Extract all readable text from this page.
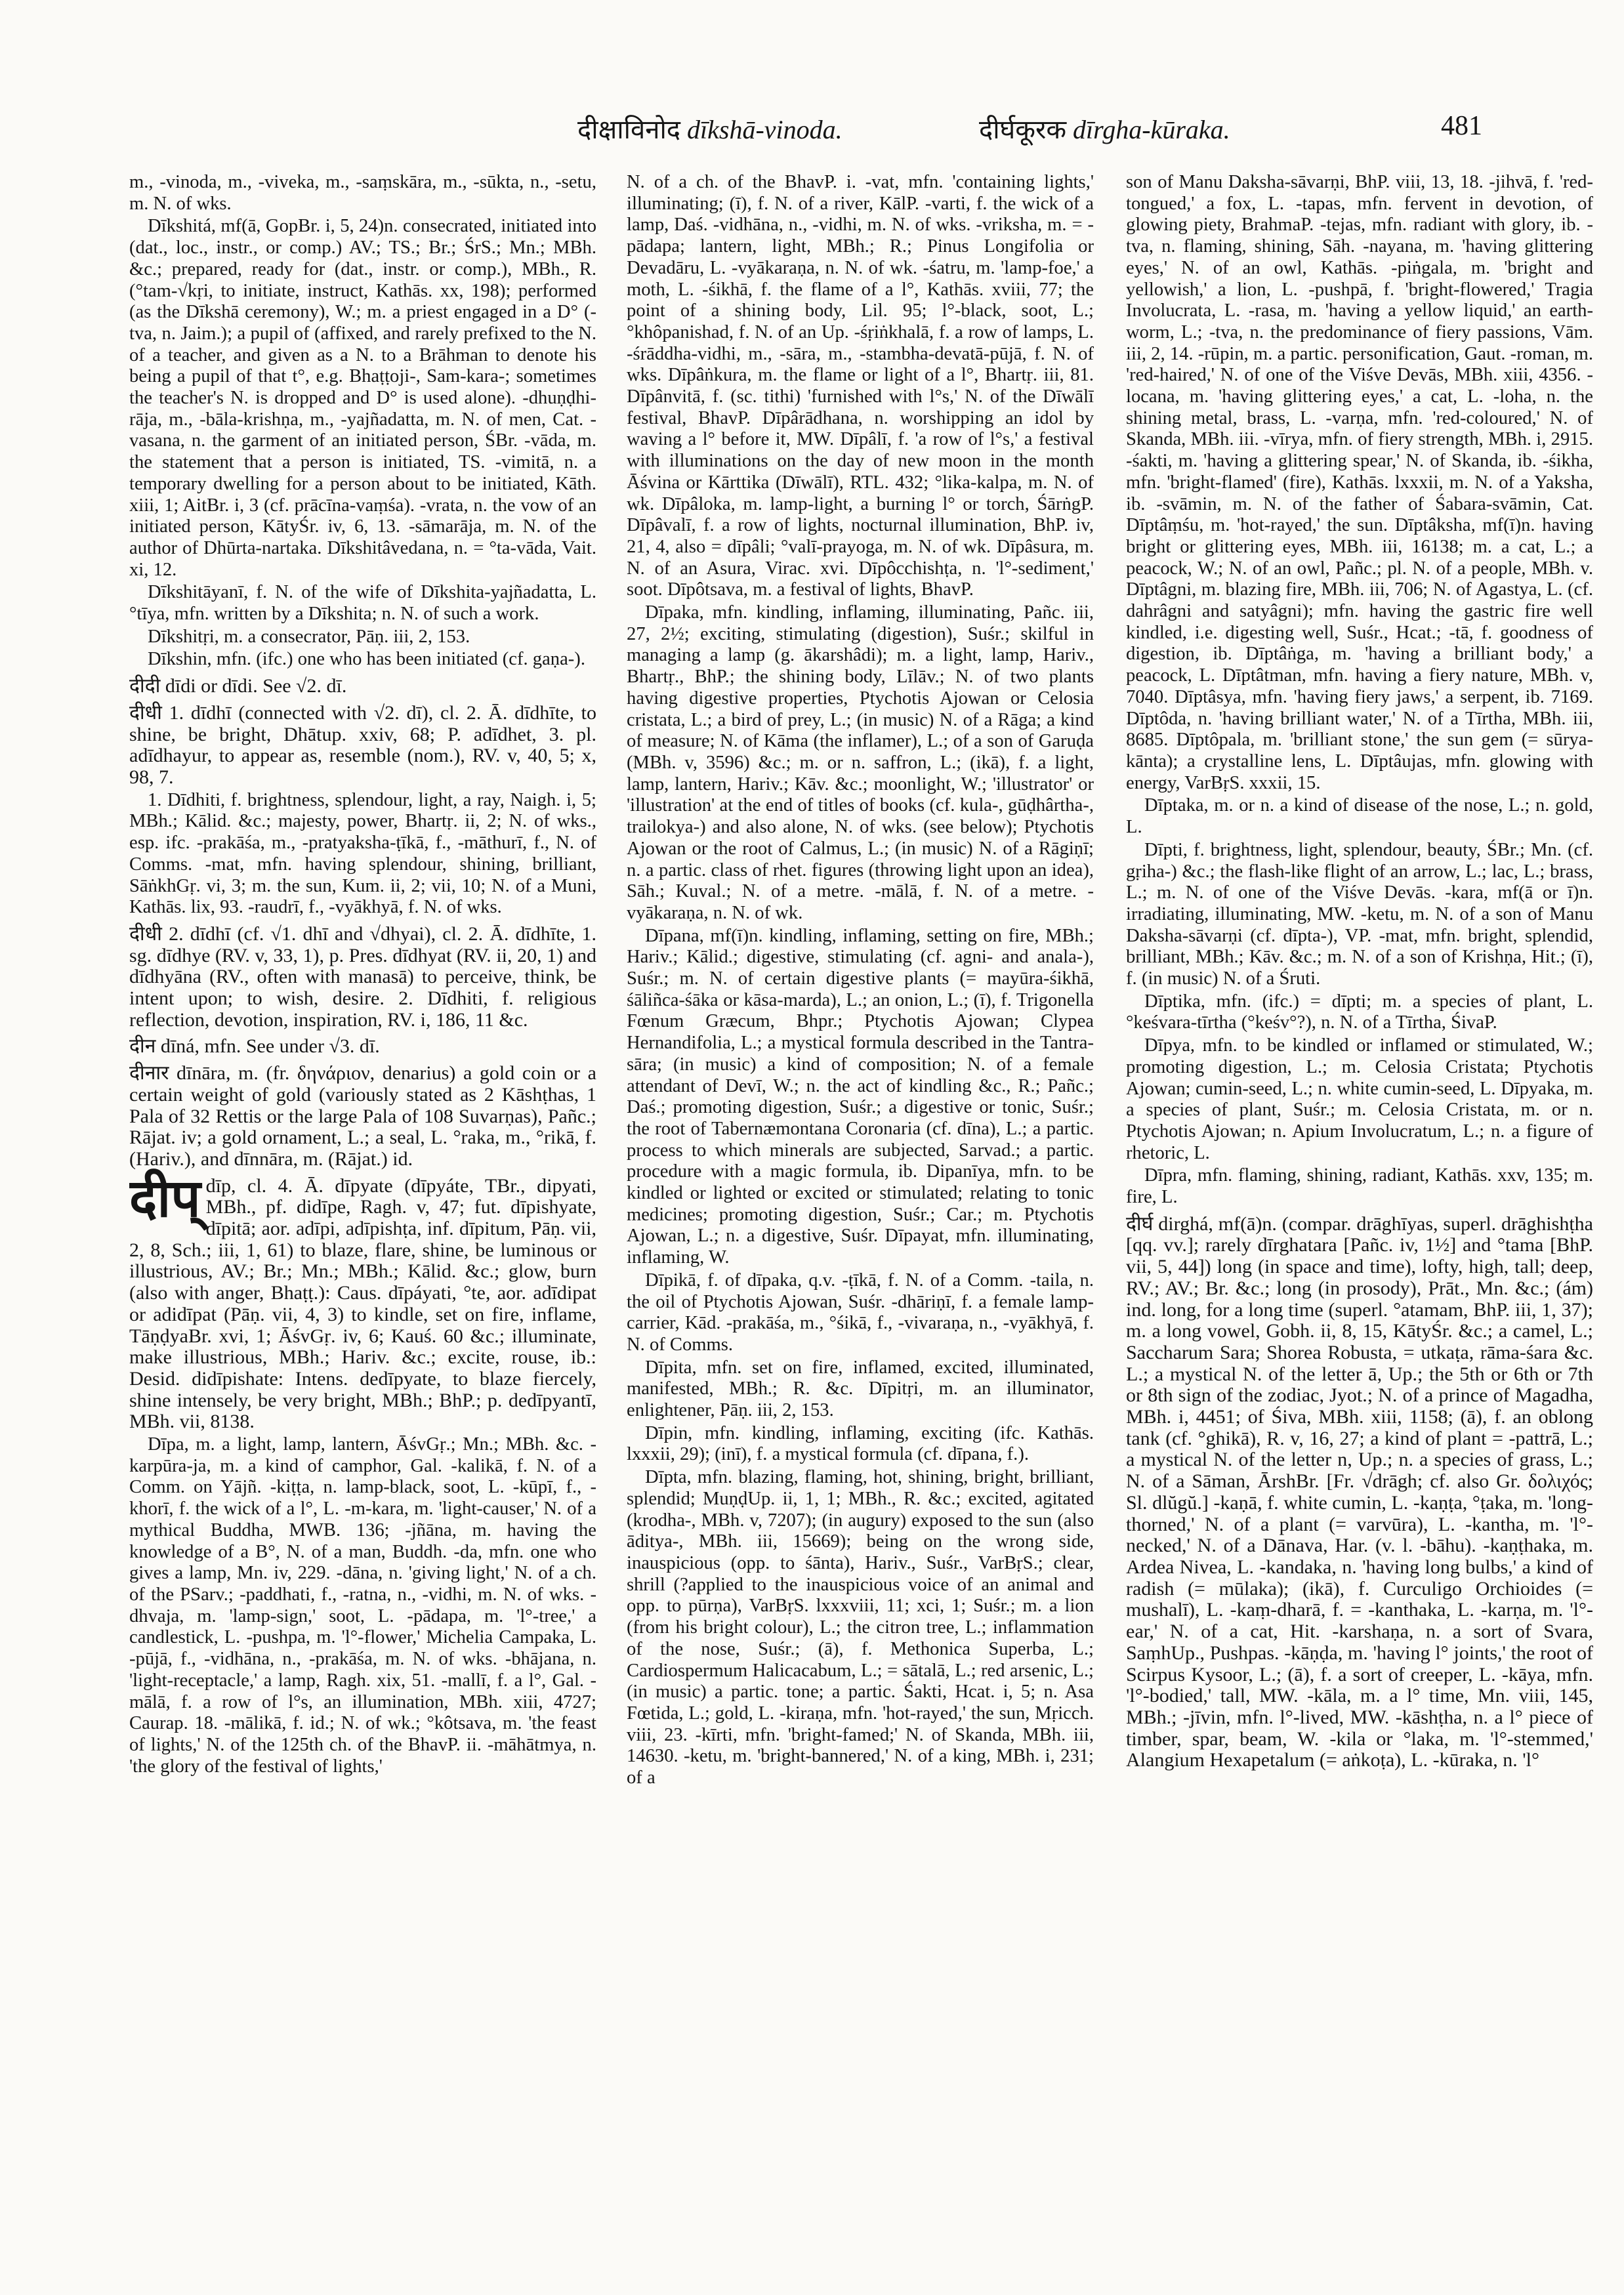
दीक्षाविनोद dīkshā-vinoda.	दीर्घकूरक dīrgha-kūraka.	481

m., -vinoda, m., -viveka, m., -saṃskāra, m., -sūkta, n., -setu, m. N. of wks.

Dīkshitá, mf(ā, GopBr. i, 5, 24)n. consecrated, initiated into (dat., loc., instr., or comp.) AV.; TS.; Br.; ŚrS.; Mn.; MBh. &c.; prepared, ready for (dat., instr. or comp.), MBh., R. (°tam-√kṛi, to initiate, instruct, Kathās. xx, 198); performed (as the Dīkshā ceremony), W.; m. a priest engaged in a D° (-tva, n. Jaim.); a pupil of (affixed, and rarely prefixed to the N. of a teacher, and given as a N. to a Brāhman to denote his being a pupil of that t°, e.g. Bhaṭṭoji-, Sam-kara-; sometimes the teacher's N. is dropped and D° is used alone). -dhuṇḍhi-rāja, m., -bāla-krishṇa, m., -yajñadatta, m. N. of men, Cat. -vasana, n. the garment of an initiated person, ŚBr. -vāda, m. the statement that a person is initiated, TS. -vimitā, n. a temporary dwelling for a person about to be initiated, Kāth. xiii, 1; AitBr. i, 3 (cf. prācīna-vaṃśa). -vrata, n. the vow of an initiated person, KātyŚr. iv, 6, 13. -sāmarāja, m. N. of the author of Dhūrta-nartaka. Dīkshitâvedana, n. = °ta-vāda, Vait. xi, 12.

Dīkshitāyanī, f. N. of the wife of Dīkshita-yajñadatta, L. °tīya, mfn. written by a Dīkshita; n. N. of such a work.

Dīkshitṛi, m. a consecrator, Pāṇ. iii, 2, 153.

Dīkshin, mfn. (ifc.) one who has been initiated (cf. gaṇa-).

दीदी dīdi or dīdi. See √2. dī.

दीधी 1. dīdhī (connected with √2. dī), cl. 2. Ā. dīdhīte, to shine, be bright, Dhātup. xxiv, 68; P. adīdhet, 3. pl. adīdhayur, to appear as, resemble (nom.), RV. v, 40, 5; x, 98, 7.

1. Dīdhiti, f. brightness, splendour, light, a ray, Naigh. i, 5; MBh.; Kālid. &c.; majesty, power, Bhartṛ. ii, 2; N. of wks., esp. ifc. -prakāśa, m., -pratyaksha-ṭīkā, f., -māthurī, f., N. of Comms. -mat, mfn. having splendour, shining, brilliant, SāṅkhGṛ. vi, 3; m. the sun, Kum. ii, 2; vii, 10; N. of a Muni, Kathās. lix, 93. -raudrī, f., -vyākhyā, f. N. of wks.

दीधी 2. dīdhī (cf. √1. dhī and √dhyai), cl. 2. Ā. dīdhīte, 1. sg. dīdhye (RV. v, 33, 1), p. Pres. dīdhyat (RV. ii, 20, 1) and dīdhyāna (RV., often with manasā) to perceive, think, be intent upon; to wish, desire. 2. Dīdhiti, f. religious reflection, devotion, inspiration, RV. i, 186, 11 &c.

दीन dīná, mfn. See under √3. dī.

दीनार dīnāra, m. (fr. δηνάριον, denarius) a gold coin or a certain weight of gold (variously stated as 2 Kāshṭhas, 1 Pala of 32 Rettis or the large Pala of 108 Suvarṇas), Pañc.; Rājat. iv; a gold ornament, L.; a seal, L. °raka, m., °rikā, f. (Hariv.), and dīnnāra, m. (Rājat.) id.

दीप् dīp, cl. 4. Ā. dīpyate (dīpyáte, TBr., dipyati, MBh., pf. didīpe, Ragh. v, 47; fut. dīpishyate, dīpitā; aor. adīpi, adīpishṭa, inf. dīpitum, Pāṇ. vii, 2, 8, Sch.; iii, 1, 61) to blaze, flare, shine, be luminous or illustrious, AV.; Br.; Mn.; MBh.; Kālid. &c.; glow, burn (also with anger, Bhaṭṭ.): Caus. dīpáyati, °te, aor. adīdipat or adidīpat (Pāṇ. vii, 4, 3) to kindle, set on fire, inflame, TāṇḍyaBr. xvi, 1; ĀśvGṛ. iv, 6; Kauś. 60 &c.; illuminate, make illustrious, MBh.; Hariv. &c.; excite, rouse, ib.: Desid. didīpishate: Intens. dedīpyate, to blaze fiercely, shine intensely, be very bright, MBh.; BhP.; p. dedīpyantī, MBh. vii, 8138.

Dīpa, m. a light, lamp, lantern, ĀśvGṛ.; Mn.; MBh. &c. -karpūra-ja, m. a kind of camphor, Gal. -kalikā, f. N. of a Comm. on Yājñ. -kiṭṭa, n. lamp-black, soot, L. -kūpī, f., -khorī, f. the wick of a l°, L. -m-kara, m. 'light-causer,' N. of a mythical Buddha, MWB. 136; -jñāna, m. having the knowledge of a B°, N. of a man, Buddh. -da, mfn. one who gives a lamp, Mn. iv, 229. -dāna, n. 'giving light,' N. of a ch. of the PSarv.; -paddhati, f., -ratna, n., -vidhi, m. N. of wks. -dhvaja, m. 'lamp-sign,' soot, L. -pādapa, m. 'l°-tree,' a candlestick, L. -pushpa, m. 'l°-flower,' Michelia Campaka, L. -pūjā, f., -vidhāna, n., -prakāśa, m. N. of wks. -bhājana, n. 'light-receptacle,' a lamp, Ragh. xix, 51. -mallī, f. a l°, Gal. -mālā, f. a row of l°s, an illumination, MBh. xiii, 4727; Caurap. 18. -mālikā, f. id.; N. of wk.; °kôtsava, m. 'the feast of lights,' N. of the 125th ch. of the BhavP. ii. -māhātmya, n. 'the glory of the festival of lights,'

N. of a ch. of the BhavP. i. -vat, mfn. 'containing lights,' illuminating; (ī), f. N. of a river, KālP. -varti, f. the wick of a lamp, Daś. -vidhāna, n., -vidhi, m. N. of wks. -vriksha, m. = -pādapa; lantern, light, MBh.; R.; Pinus Longifolia or Devadāru, L. -vyākaraṇa, n. N. of wk. -śatru, m. 'lamp-foe,' a moth, L. -śikhā, f. the flame of a l°, Kathās. xviii, 77; the point of a shining body, Lil. 95; l°-black, soot, L.; °khôpanishad, f. N. of an Up. -śṛiṅkhalā, f. a row of lamps, L. -śrāddha-vidhi, m., -sāra, m., -stambha-devatā-pūjā, f. N. of wks. Dīpâṅkura, m. the flame or light of a l°, Bhartṛ. iii, 81. Dīpânvitā, f. (sc. tithi) 'furnished with l°s,' N. of the Dīwālī festival, BhavP. Dīpârādhana, n. worshipping an idol by waving a l° before it, MW. Dīpâlī, f. 'a row of l°s,' a festival with illuminations on the day of new moon in the month Āśvina or Kārttika (Dīwālī), RTL. 432; °lika-kalpa, m. N. of wk. Dīpâloka, m. lamp-light, a burning l° or torch, ŚārṅgP. Dīpâvalī, f. a row of lights, nocturnal illumination, BhP. iv, 21, 4, also = dīpâli; °valī-prayoga, m. N. of wk. Dīpâsura, m. N. of an Asura, Virac. xvi. Dīpôcchishṭa, n. 'l°-sediment,' soot. Dīpôtsava, m. a festival of lights, BhavP.

Dīpaka, mfn. kindling, inflaming, illuminating, Pañc. iii, 27, 2½; exciting, stimulating (digestion), Suśr.; skilful in managing a lamp (g. ākarshâdi); m. a light, lamp, Hariv., Bhartṛ., BhP.; the shining body, Līlāv.; N. of two plants having digestive properties, Ptychotis Ajowan or Celosia cristata, L.; a bird of prey, L.; (in music) N. of a Rāga; a kind of measure; N. of Kāma (the inflamer), L.; of a son of Garuḍa (MBh. v, 3596) &c.; m. or n. saffron, L.; (ikā), f. a light, lamp, lantern, Hariv.; Kāv. &c.; moonlight, W.; 'illustrator' or 'illustration' at the end of titles of books (cf. kula-, gūḍhârtha-, trailokya-) and also alone, N. of wks. (see below); Ptychotis Ajowan or the root of Calmus, L.; (in music) N. of a Rāgiṇī; n. a partic. class of rhet. figures (throwing light upon an idea), Sāh.; Kuval.; N. of a metre. -mālā, f. N. of a metre. -vyākaraṇa, n. N. of wk.

Dīpana, mf(ī)n. kindling, inflaming, setting on fire, MBh.; Hariv.; Kālid.; digestive, stimulating (cf. agni- and anala-), Suśr.; m. N. of certain digestive plants (= mayūra-śikhā, śāliñca-śāka or kāsa-marda), L.; an onion, L.; (ī), f. Trigonella Fœnum Græcum, Bhpr.; Ptychotis Ajowan; Clypea Hernandifolia, L.; a mystical formula described in the Tantra-sāra; (in music) a kind of composition; N. of a female attendant of Devī, W.; n. the act of kindling &c., R.; Pañc.; Daś.; promoting digestion, Suśr.; a digestive or tonic, Suśr.; the root of Tabernæmontana Coronaria (cf. dīna), L.; a partic. process to which minerals are subjected, Sarvad.; a partic. procedure with a magic formula, ib. Dipanīya, mfn. to be kindled or lighted or excited or stimulated; relating to tonic medicines; promoting digestion, Suśr.; Car.; m. Ptychotis Ajowan, L.; n. a digestive, Suśr. Dīpayat, mfn. illuminating, inflaming, W.

Dīpikā, f. of dīpaka, q.v. -ṭīkā, f. N. of a Comm. -taila, n. the oil of Ptychotis Ajowan, Suśr. -dhāriṇī, f. a female lamp-carrier, Kād. -prakāśa, m., °śikā, f., -vivaraṇa, n., -vyākhyā, f. N. of Comms.

Dīpita, mfn. set on fire, inflamed, excited, illuminated, manifested, MBh.; R. &c. Dīpitṛi, m. an illuminator, enlightener, Pāṇ. iii, 2, 153.

Dīpin, mfn. kindling, inflaming, exciting (ifc. Kathās. lxxxii, 29); (inī), f. a mystical formula (cf. dīpana, f.).

Dīpta, mfn. blazing, flaming, hot, shining, bright, brilliant, splendid; MuṇḍUp. ii, 1, 1; MBh., R. &c.; excited, agitated (krodha-, MBh. v, 7207); (in augury) exposed to the sun (also āditya-, MBh. iii, 15669); being on the wrong side, inauspicious (opp. to śānta), Hariv., Suśr., VarBṛS.; clear, shrill (?applied to the inauspicious voice of an animal and opp. to pūrṇa), VarBṛS. lxxxviii, 11; xci, 1; Suśr.; m. a lion (from his bright colour), L.; the citron tree, L.; inflammation of the nose, Suśr.; (ā), f. Methonica Superba, L.; Cardiospermum Halicacabum, L.; = sātalā, L.; red arsenic, L.; (in music) a partic. tone; a partic. Śakti, Hcat. i, 5; n. Asa Fœtida, L.; gold, L. -kiraṇa, mfn. 'hot-rayed,' the sun, Mṛicch. viii, 23. -kīrti, mfn. 'bright-famed;' N. of Skanda, MBh. iii, 14630. -ketu, m. 'bright-bannered,' N. of a king, MBh. i, 231; of a

son of Manu Daksha-sāvarṇi, BhP. viii, 13, 18. -jihvā, f. 'red-tongued,' a fox, L. -tapas, mfn. fervent in devotion, of glowing piety, BrahmaP. -tejas, mfn. radiant with glory, ib. -tva, n. flaming, shining, Sāh. -nayana, m. 'having glittering eyes,' N. of an owl, Kathās. -piṅgala, m. 'bright and yellowish,' a lion, L. -pushpā, f. 'bright-flowered,' Tragia Involucrata, L. -rasa, m. 'having a yellow liquid,' an earth-worm, L.; -tva, n. the predominance of fiery passions, Vām. iii, 2, 14. -rūpin, m. a partic. personification, Gaut. -roman, m. 'red-haired,' N. of one of the Viśve Devās, MBh. xiii, 4356. -locana, m. 'having glittering eyes,' a cat, L. -loha, n. the shining metal, brass, L. -varṇa, mfn. 'red-coloured,' N. of Skanda, MBh. iii. -vīrya, mfn. of fiery strength, MBh. i, 2915. -śakti, m. 'having a glittering spear,' N. of Skanda, ib. -śikha, mfn. 'bright-flamed' (fire), Kathās. lxxxii, m. N. of a Yaksha, ib. -svāmin, m. N. of the father of Śabara-svāmin, Cat. Dīptâṃśu, m. 'hot-rayed,' the sun. Dīptâksha, mf(ī)n. having bright or glittering eyes, MBh. iii, 16138; m. a cat, L.; a peacock, W.; N. of an owl, Pañc.; pl. N. of a people, MBh. v. Dīptâgni, m. blazing fire, MBh. iii, 706; N. of Agastya, L. (cf. dahrâgni and satyâgni); mfn. having the gastric fire well kindled, i.e. digesting well, Suśr., Hcat.; -tā, f. goodness of digestion, ib. Dīptâṅga, m. 'having a brilliant body,' a peacock, L. Dīptâtman, mfn. having a fiery nature, MBh. v, 7040. Dīptâsya, mfn. 'having fiery jaws,' a serpent, ib. 7169. Dīptôda, n. 'having brilliant water,' N. of a Tīrtha, MBh. iii, 8685. Dīptôpala, m. 'brilliant stone,' the sun gem (= sūrya-kānta); a crystalline lens, L. Dīptâujas, mfn. glowing with energy, VarBṛS. xxxii, 15.

Dīptaka, m. or n. a kind of disease of the nose, L.; n. gold, L.

Dīpti, f. brightness, light, splendour, beauty, ŚBr.; Mn. (cf. gṛiha-) &c.; the flash-like flight of an arrow, L.; lac, L.; brass, L.; m. N. of one of the Viśve Devās. -kara, mf(ā or ī)n. irradiating, illuminating, MW. -ketu, m. N. of a son of Manu Daksha-sāvarṇi (cf. dīpta-), VP. -mat, mfn. bright, splendid, brilliant, MBh.; Kāv. &c.; m. N. of a son of Krishṇa, Hit.; (ī), f. (in music) N. of a Śruti.

Dīptika, mfn. (ifc.) = dīpti; m. a species of plant, L. °keśvara-tīrtha (°keśv°?), n. N. of a Tīrtha, ŚivaP.

Dīpya, mfn. to be kindled or inflamed or stimulated, W.; promoting digestion, L.; m. Celosia Cristata; Ptychotis Ajowan; cumin-seed, L.; n. white cumin-seed, L. Dīpyaka, m. a species of plant, Suśr.; m. Celosia Cristata, m. or n. Ptychotis Ajowan; n. Apium Involucratum, L.; n. a figure of rhetoric, L.

Dīpra, mfn. flaming, shining, radiant, Kathās. xxv, 135; m. fire, L.

दीर्घ dirghá, mf(ā)n. (compar. drāghīyas, superl. drāghishṭha [qq. vv.]; rarely dīrghatara [Pañc. iv, 1½] and °tama [BhP. vii, 5, 44]) long (in space and time), lofty, high, tall; deep, RV.; AV.; Br. &c.; long (in prosody), Prāt., Mn. &c.; (ám) ind. long, for a long time (superl. °atamam, BhP. iii, 1, 37); m. a long vowel, Gobh. ii, 8, 15, KātyŚr. &c.; a camel, L.; Saccharum Sara; Shorea Robusta, = utkaṭa, rāma-śara &c. L.; a mystical N. of the letter ā, Up.; the 5th or 6th or 7th or 8th sign of the zodiac, Jyot.; N. of a prince of Magadha, MBh. i, 4451; of Śiva, MBh. xiii, 1158; (ā), f. an oblong tank (cf. °ghikā), R. v, 16, 27; a kind of plant = -pattrā, L.; a mystical N. of the letter n, Up.; n. a species of grass, L.; N. of a Sāman, ĀrshBr. [Fr. √drāgh; cf. also Gr. δολιχός; Sl. dlŭgŭ.] -kaṇā, f. white cumin, L. -kaṇṭa, °ṭaka, m. 'long-thorned,' N. of a plant (= varvūra), L. -kantha, m. 'l°-necked,' N. of a Dānava, Har. (v. l. -bāhu). -kaṇṭhaka, m. Ardea Nivea, L. -kandaka, n. 'having long bulbs,' a kind of radish (= mūlaka); (ikā), f. Curculigo Orchioides (= mushalī), L. -kaṃ-dharā, f. = -kanthaka, L. -karṇa, m. 'l°-ear,' N. of a cat, Hit. -karshaṇa, n. a sort of Svara, SaṃhUp., Pushpas. -kāṇḍa, m. 'having l° joints,' the root of Scirpus Kysoor, L.; (ā), f. a sort of creeper, L. -kāya, mfn. 'l°-bodied,' tall, MW. -kāla, m. a l° time, Mn. viii, 145, MBh.; -jīvin, mfn. l°-lived, MW. -kāshṭha, n. a l° piece of timber, spar, beam, W. -kila or °laka, m. 'l°-stemmed,' Alangium Hexapetalum (= aṅkoṭa), L. -kūraka, n. 'l°
